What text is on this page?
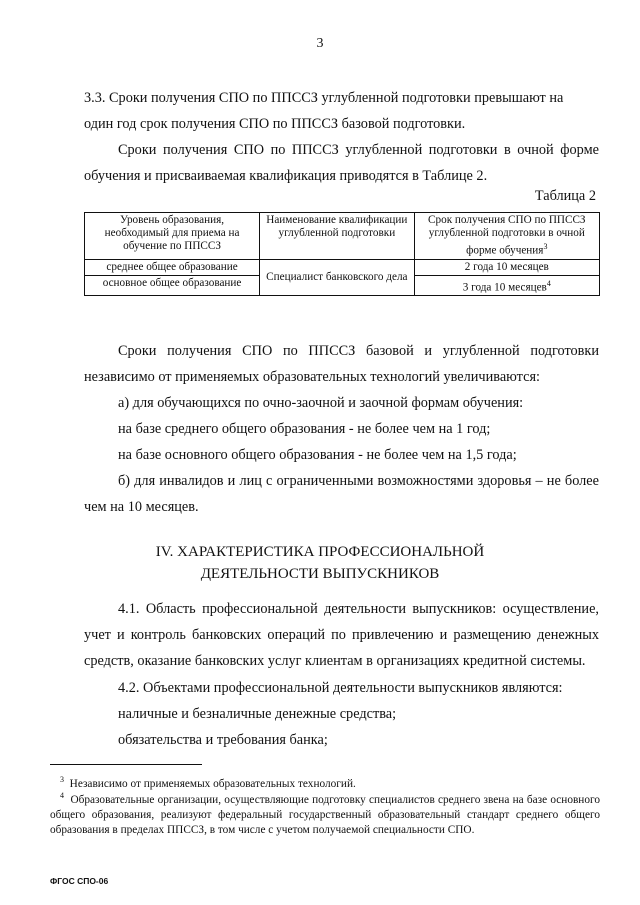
3

3.3. Сроки получения СПО по ППССЗ углубленной подготовки превышают на

один год срок получения СПО по ППССЗ базовой подготовки.

Сроки получения СПО по ППССЗ углубленной подготовки в очной форме обучения и присваиваемая квалификация приводятся в Таблице 2.

Таблица 2
Уровень образования, необходимый для приема на обучение по ППССЗ	Наименование квалификации углубленной подготовки	Срок получения СПО по ППССЗ углубленной подготовки в очной форме обучения$^3$
среднее общее образование	Специалист банковского дела	2 года 10 месяцев
основное общее образование		3 года 10 месяцев$^4$

Сроки получения СПО по ППССЗ базовой и углубленной подготовки независимо от применяемых образовательных технологий увеличиваются:

а) для обучающихся по очно-заочной и заочной формам обучения:

на базе среднего общего образования - не более чем на 1 год;

на базе основного общего образования - не более чем на 1,5 года;

б) для инвалидов и лиц с ограниченными возможностями здоровья – не более чем на 10 месяцев.

IV. ХАРАКТЕРИСТИКА ПРОФЕССИОНАЛЬНОЙ
ДЕЯТЕЛЬНОСТИ ВЫПУСКНИКОВ

4.1. Область профессиональной деятельности выпускников: осуществление, учет и контроль банковских операций по привлечению и размещению денежных средств, оказание банковских услуг клиентам в организациях кредитной системы.

4.2. Объектами профессиональной деятельности выпускников являются:

наличные и безналичные денежные средства;

обязательства и требования банка;

$^3$ Независимо от применяемых образовательных технологий.

$^4$ Образовательные организации, осуществляющие подготовку специалистов среднего звена на базе основного общего образования, реализуют федеральный государственный образовательный стандарт среднего общего образования в пределах ППССЗ, в том числе с учетом получаемой специальности СПО.

ФГОС СПО-06
